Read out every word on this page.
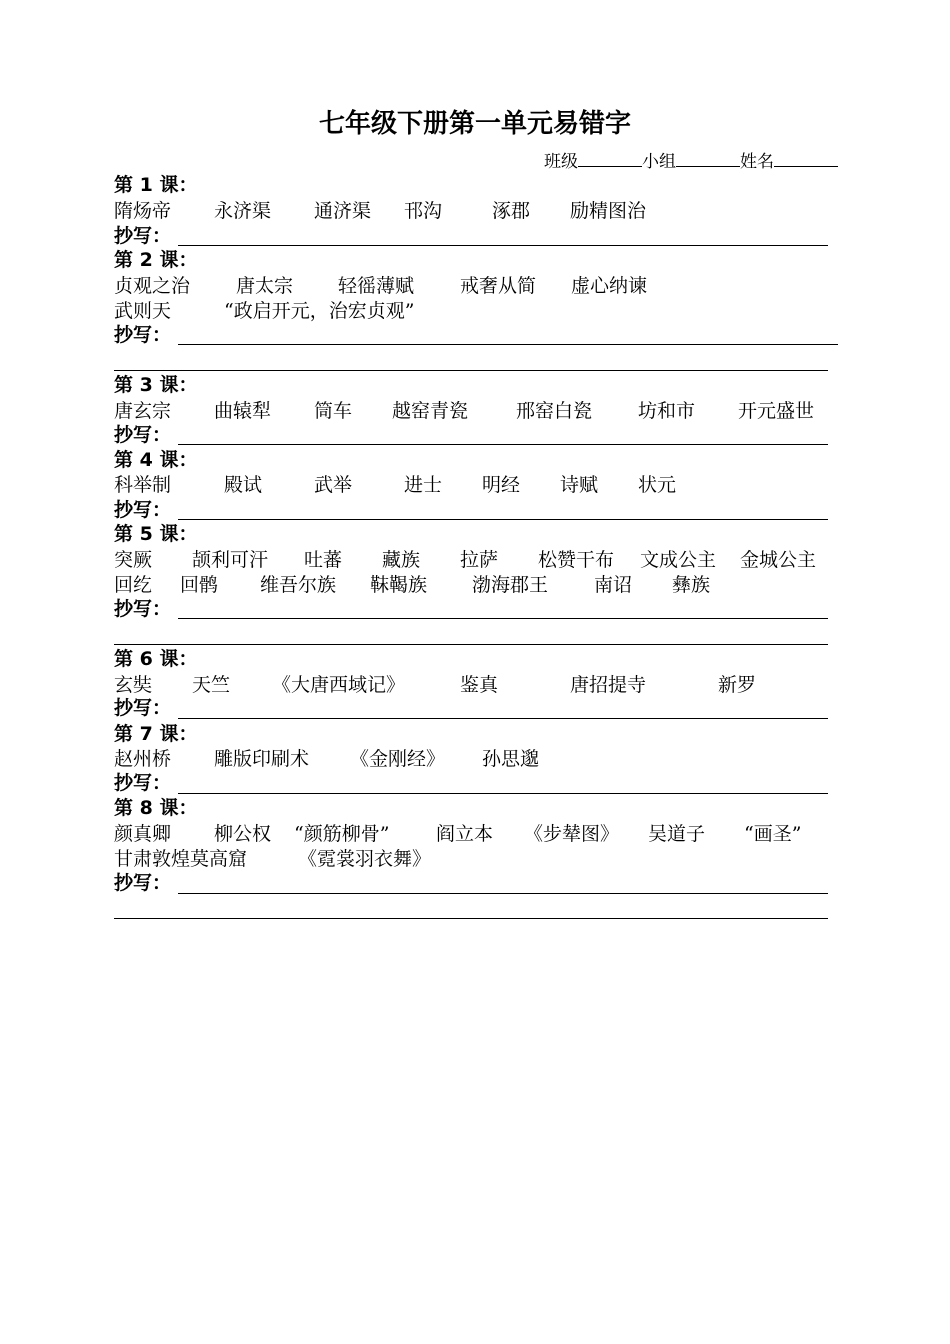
七年级下册第一单元易错字
班级	小组	姓名
第 1 课：
隋炀帝 永济渠 通济渠 邗沟	涿郡 励精图治
抄写：
第 2 课：
贞观之治 唐太宗 轻徭薄赋 戒奢从简 虚心纳谏
武则天	“政启开元，治宏贞观”
抄写：
第 3 课：
唐玄宗 曲辕犁 筒车 越窑青瓷	邢窑白瓷 坊和市 开元盛世
抄写：
第 4 课：
科举制	殿试	武举	进士 明经 诗赋 状元
抄写：
第 5 课：
突厥 颉利可汗 吐蕃 藏族 拉萨 松赞干布 文成公主 金城公主
回纥 回鹘 维吾尔族 靺鞨族 渤海郡王 南诏 彝族
抄写：
第 6 课：
玄奘 天竺 《大唐西域记》	鉴真	唐招提寺	新罗
抄写：
第 7 课：
赵州桥 雕版印刷术 《金刚经》 孙思邈
抄写：
第 8 课：
颜真卿 柳公权 “颜筋柳骨” 阎立本 《步辇图》 吴道子 “画圣”
甘肃敦煌莫高窟	《霓裳羽衣舞》
抄写：
